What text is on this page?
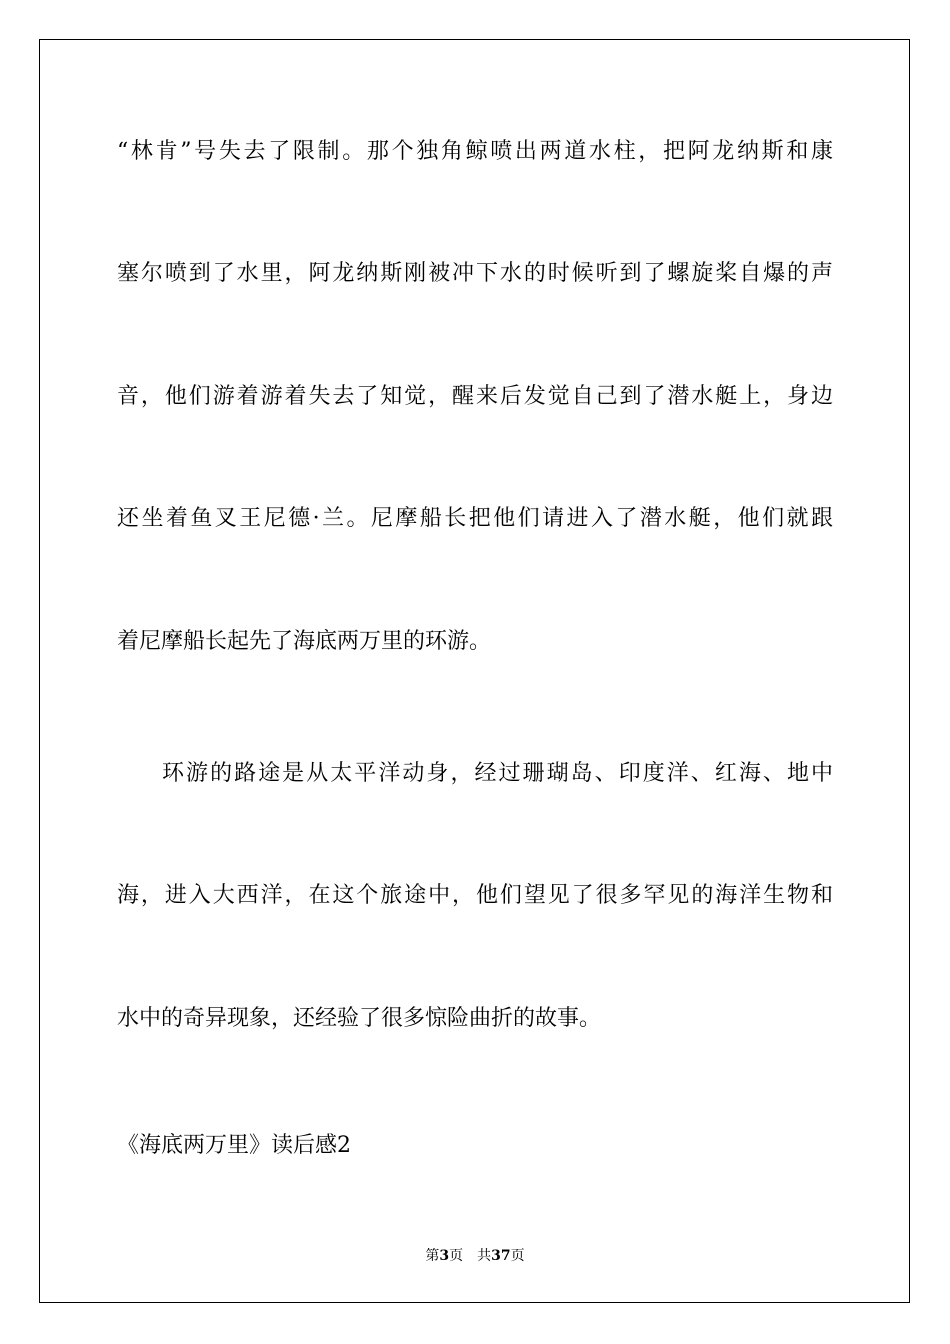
“林肯”号失去了限制。那个独角鲸喷出两道水柱，把阿龙纳斯和康
塞尔喷到了水里，阿龙纳斯刚被冲下水的时候听到了螺旋桨自爆的声
音，他们游着游着失去了知觉，醒来后发觉自己到了潜水艇上，身边
还坐着鱼叉王尼德·兰。尼摩船长把他们请进入了潜水艇，他们就跟
着尼摩船长起先了海底两万里的环游。
环游的路途是从太平洋动身，经过珊瑚岛、印度洋、红海、地中
海，进入大西洋，在这个旅途中，他们望见了很多罕见的海洋生物和
水中的奇异现象，还经验了很多惊险曲折的故事。
《海底两万里》读后感2
第3页 共37页
